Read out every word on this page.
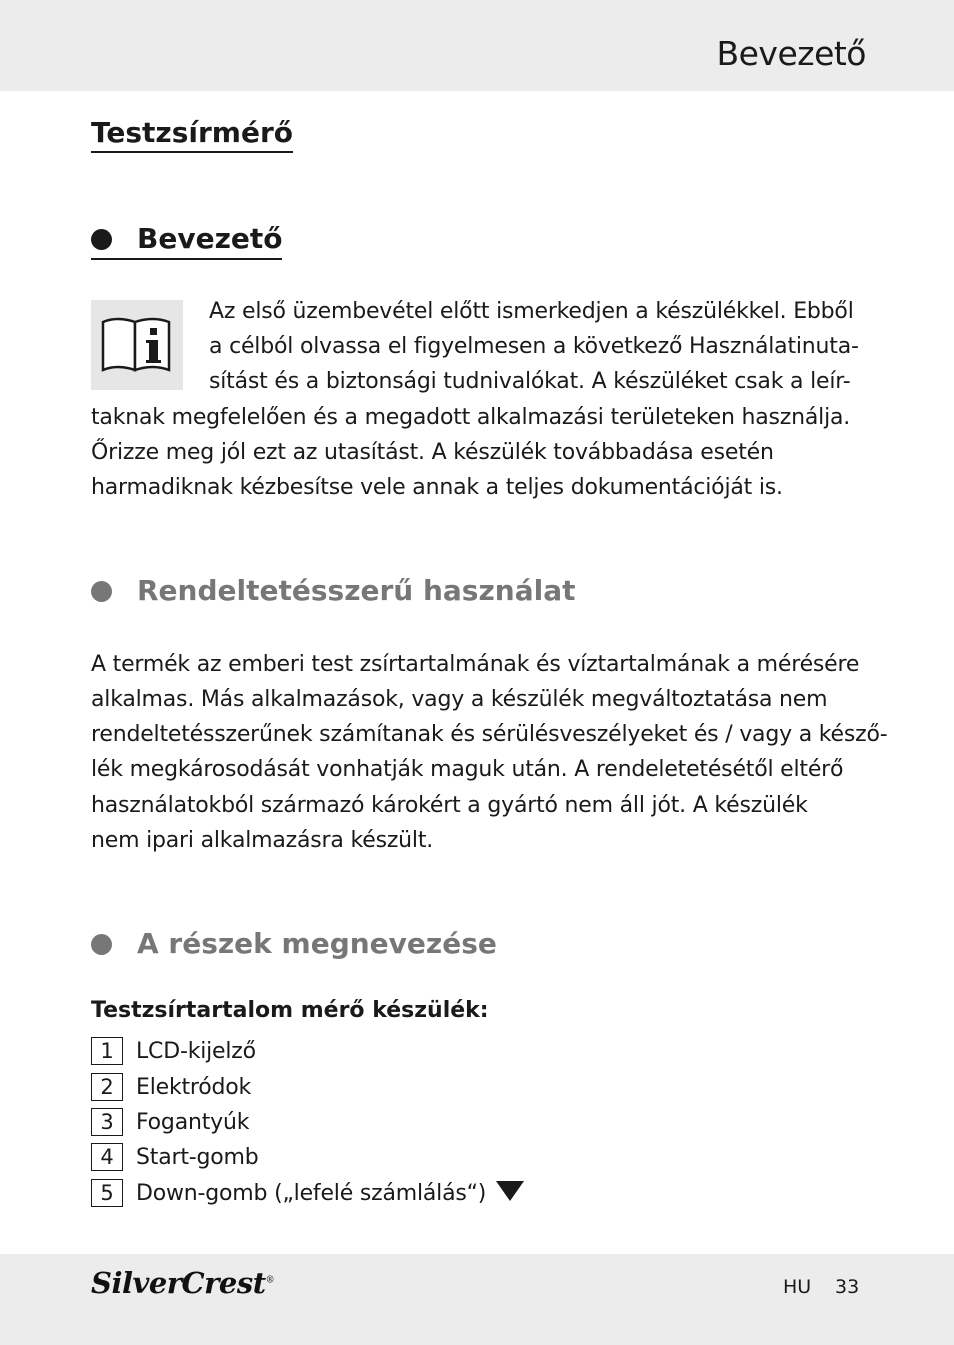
Bevezető
Testzsírmérő
Bevezető

Az első üzembevétel előtt ismerkedjen a készülékkel. Ebből

a célból olvassa el figyelmesen a következő Használatinuta-

sítást és a biztonsági tudnivalókat. A készüléket csak a leír-

taknak megfelelően és a megadott alkalmazási területeken használja.

Őrizze meg jól ezt az utasítást. A készülék továbbadása esetén

harmadiknak kézbesítse vele annak a teljes dokumentációját is.

Rendeltetésszerű használat

A termék az emberi test zsírtartalmának és víztartalmának a mérésére

alkalmas. Más alkalmazások, vagy a készülék megváltoztatása nem

rendeltetésszerűnek számítanak és sérülésveszélyeket és / vagy a késző-

lék megkárosodását vonhatják maguk után. A rendeletetésétől eltérő

használatokból származó károkért a gyártó nem áll jót. A készülék

nem ipari alkalmazásra készült.

A részek megnevezése

Testzsírtartalom mérő készülék:

1	LCD-kijelző
2	Elektródok
3	Fogantyúk
4	Start-gomb
5	Down-gomb („lefelé számlálás“)
SilverCrest®	HU 33
